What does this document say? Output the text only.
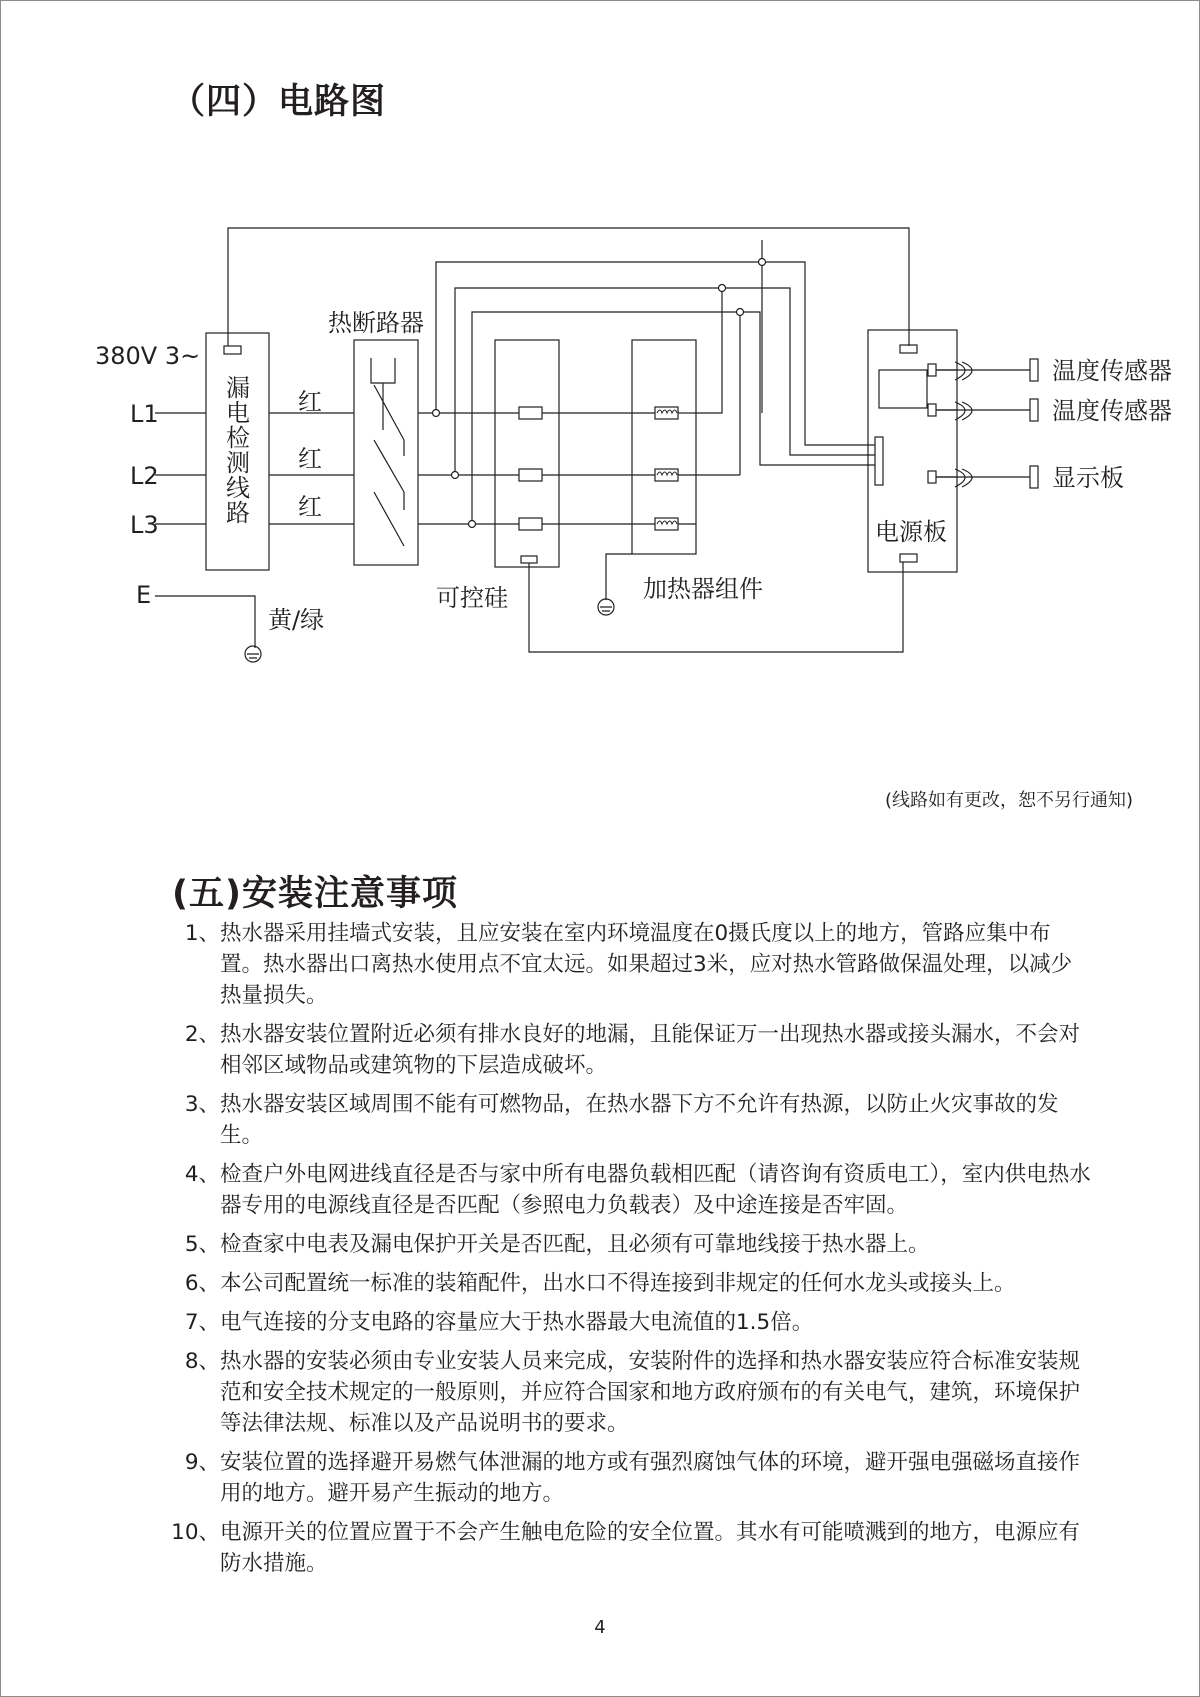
（四）电路图
380V 3~
L1
L2
L3
E
漏
电
检
测
线
路
红
红
红
黄/绿
热断路器
可控硅	加热器组件
电源板
温度传感器
温度传感器
显示板
(线路如有更改，恕不另行通知)
(五)安装注意事项
1、 热水器采用挂墙式安装，且应安装在室内环境温度在0摄氏度以上的地方，管路应集中布置。热水器出口离热水使用点不宜太远。如果超过3米，应对热水管路做保温处理，以减少热量损失。
2、 热水器安装位置附近必须有排水良好的地漏，且能保证万一出现热水器或接头漏水，不会对相邻区域物品或建筑物的下层造成破坏。
3、 热水器安装区域周围不能有可燃物品，在热水器下方不允许有热源，以防止火灾事故的发生。
4、 检查户外电网进线直径是否与家中所有电器负载相匹配（请咨询有资质电工），室内供电热水器专用的电源线直径是否匹配（参照电力负载表）及中途连接是否牢固。
5、 检查家中电表及漏电保护开关是否匹配，且必须有可靠地线接于热水器上。
6、 本公司配置统一标准的装箱配件，出水口不得连接到非规定的任何水龙头或接头上。
7、 电气连接的分支电路的容量应大于热水器最大电流值的1.5倍。
8、 热水器的安装必须由专业安装人员来完成，安装附件的选择和热水器安装应符合标准安装规范和安全技术规定的一般原则，并应符合国家和地方政府颁布的有关电气，建筑，环境保护等法律法规、标准以及产品说明书的要求。
9、 安装位置的选择避开易燃气体泄漏的地方或有强烈腐蚀气体的环境，避开强电强磁场直接作用的地方。避开易产生振动的地方。
10、 电源开关的位置应置于不会产生触电危险的安全位置。其水有可能喷溅到的地方，电源应有防水措施。
4
